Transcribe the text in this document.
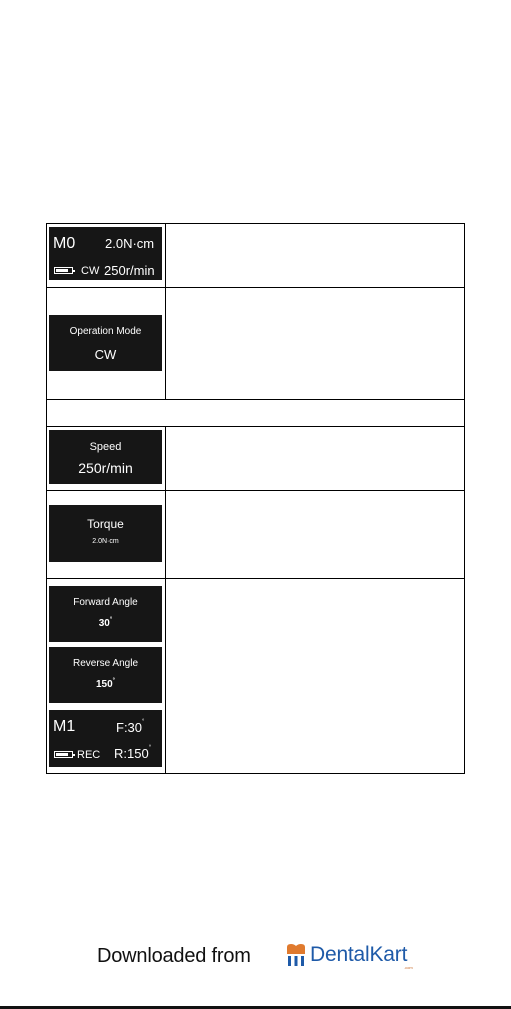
M0 2.0N·cm
CW 250r/min
Operation Mode
CW
Speed
250r/min
Torque
2.0N·cm
Forward Angle
30°
Reverse Angle
150°
M1	F:30°
REC R:150°
Downloaded from	DentalKart
.com
